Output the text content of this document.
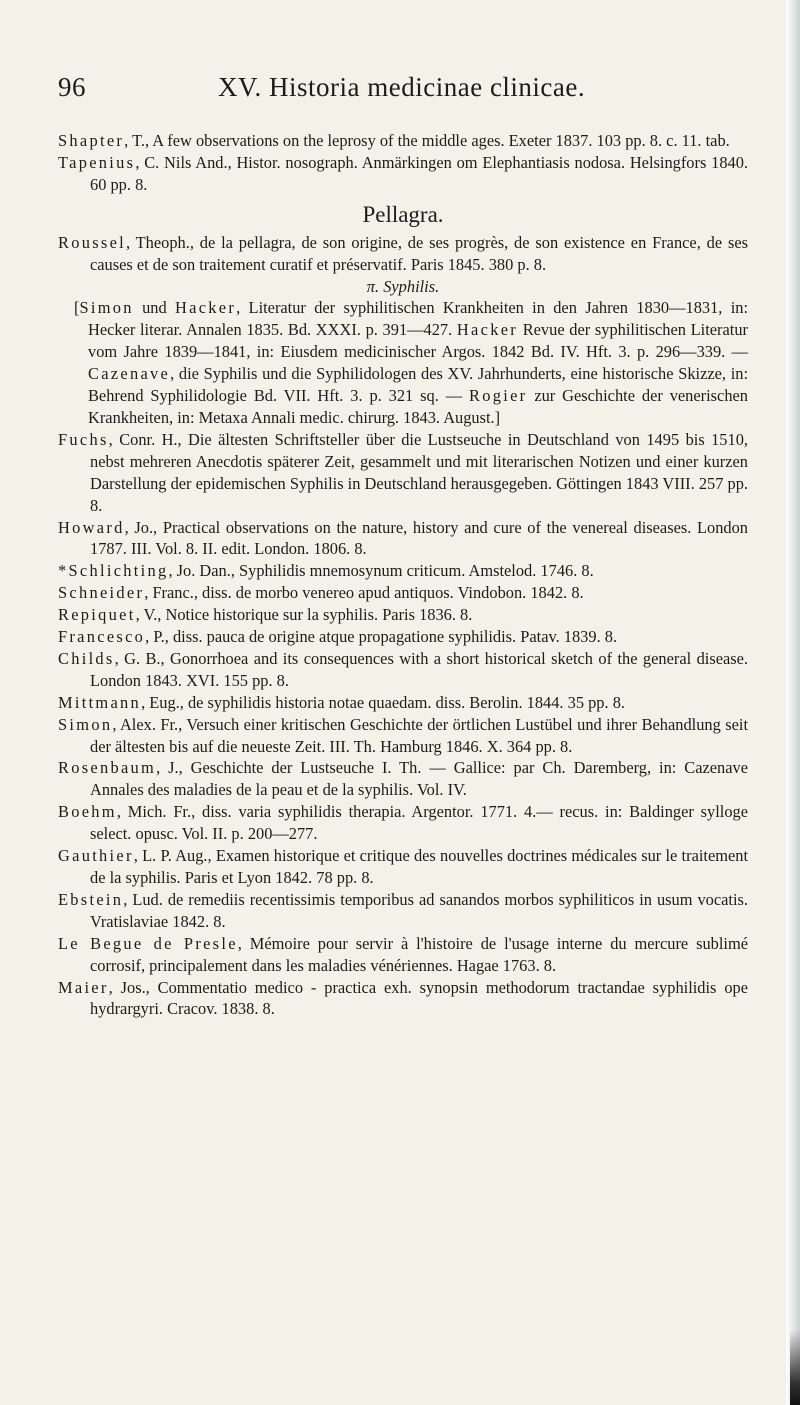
96	XV. Historia medicinae clinicae.
Shapter, T., A few observations on the leprosy of the middle ages. Exeter 1837. 103 pp. 8. c. 11. tab.
Tapenius, C. Nils And., Histor. nosograph. Anmärkingen om Elephantiasis nodosa. Helsingfors 1840. 60 pp. 8.
Pellagra.
Roussel, Theoph., de la pellagra, de son origine, de ses progrès, de son existence en France, de ses causes et de son traitement curatif et préservatif. Paris 1845. 380 p. 8.
π. Syphilis.
[Simon und Hacker, Literatur der syphilitischen Krankheiten in den Jahren 1830—1831, in: Hecker literar. Annalen 1835. Bd. XXXI. p. 391—427. Hacker Revue der syphilitischen Literatur vom Jahre 1839—1841, in: Eiusdem medicinischer Argos. 1842 Bd. IV. Hft. 3. p. 296—339. — Cazenave, die Syphilis und die Syphilidologen des XV. Jahrhunderts, eine historische Skizze, in: Behrend Syphilidologie Bd. VII. Hft. 3. p. 321 sq. — Rogier zur Geschichte der venerischen Krankheiten, in: Metaxa Annali medic. chirurg. 1843. August.]
Fuchs, Conr. H., Die ältesten Schriftsteller über die Lustseuche in Deutschland von 1495 bis 1510, nebst mehreren Anecdotis späterer Zeit, gesammelt und mit literarischen Notizen und einer kurzen Darstellung der epidemischen Syphilis in Deutschland herausgegeben. Göttingen 1843 VIII. 257 pp. 8.
Howard, Jo., Practical observations on the nature, history and cure of the venereal diseases. London 1787. III. Vol. 8. II. edit. London. 1806. 8.
*Schlichting, Jo. Dan., Syphilidis mnemosynum criticum. Amstelod. 1746. 8.
Schneider, Franc., diss. de morbo venereo apud antiquos. Vindobon. 1842. 8.
Repiquet, V., Notice historique sur la syphilis. Paris 1836. 8.
Francesco, P., diss. pauca de origine atque propagatione syphilidis. Patav. 1839. 8.
Childs, G. B., Gonorrhoea and its consequences with a short historical sketch of the general disease. London 1843. XVI. 155 pp. 8.
Mittmann, Eug., de syphilidis historia notae quaedam. diss. Berolin. 1844. 35 pp. 8.
Simon, Alex. Fr., Versuch einer kritischen Geschichte der örtlichen Lustübel und ihrer Behandlung seit der ältesten bis auf die neueste Zeit. III. Th. Hamburg 1846. X. 364 pp. 8.
Rosenbaum, J., Geschichte der Lustseuche I. Th. — Gallice: par Ch. Daremberg, in: Cazenave Annales des maladies de la peau et de la syphilis. Vol. IV.
Boehm, Mich. Fr., diss. varia syphilidis therapia. Argentor. 1771. 4.— recus. in: Baldinger sylloge select. opusc. Vol. II. p. 200—277.
Gauthier, L. P. Aug., Examen historique et critique des nouvelles doctrines médicales sur le traitement de la syphilis. Paris et Lyon 1842. 78 pp. 8.
Ebstein, Lud. de remediis recentissimis temporibus ad sanandos morbos syphiliticos in usum vocatis. Vratislaviae 1842. 8.
Le Begue de Presle, Mémoire pour servir à l'histoire de l'usage interne du mercure sublimé corrosif, principalement dans les maladies vénériennes. Hagae 1763. 8.
Maier, Jos., Commentatio medico - practica exh. synopsin methodorum tractandae syphilidis ope hydrargyri. Cracov. 1838. 8.
